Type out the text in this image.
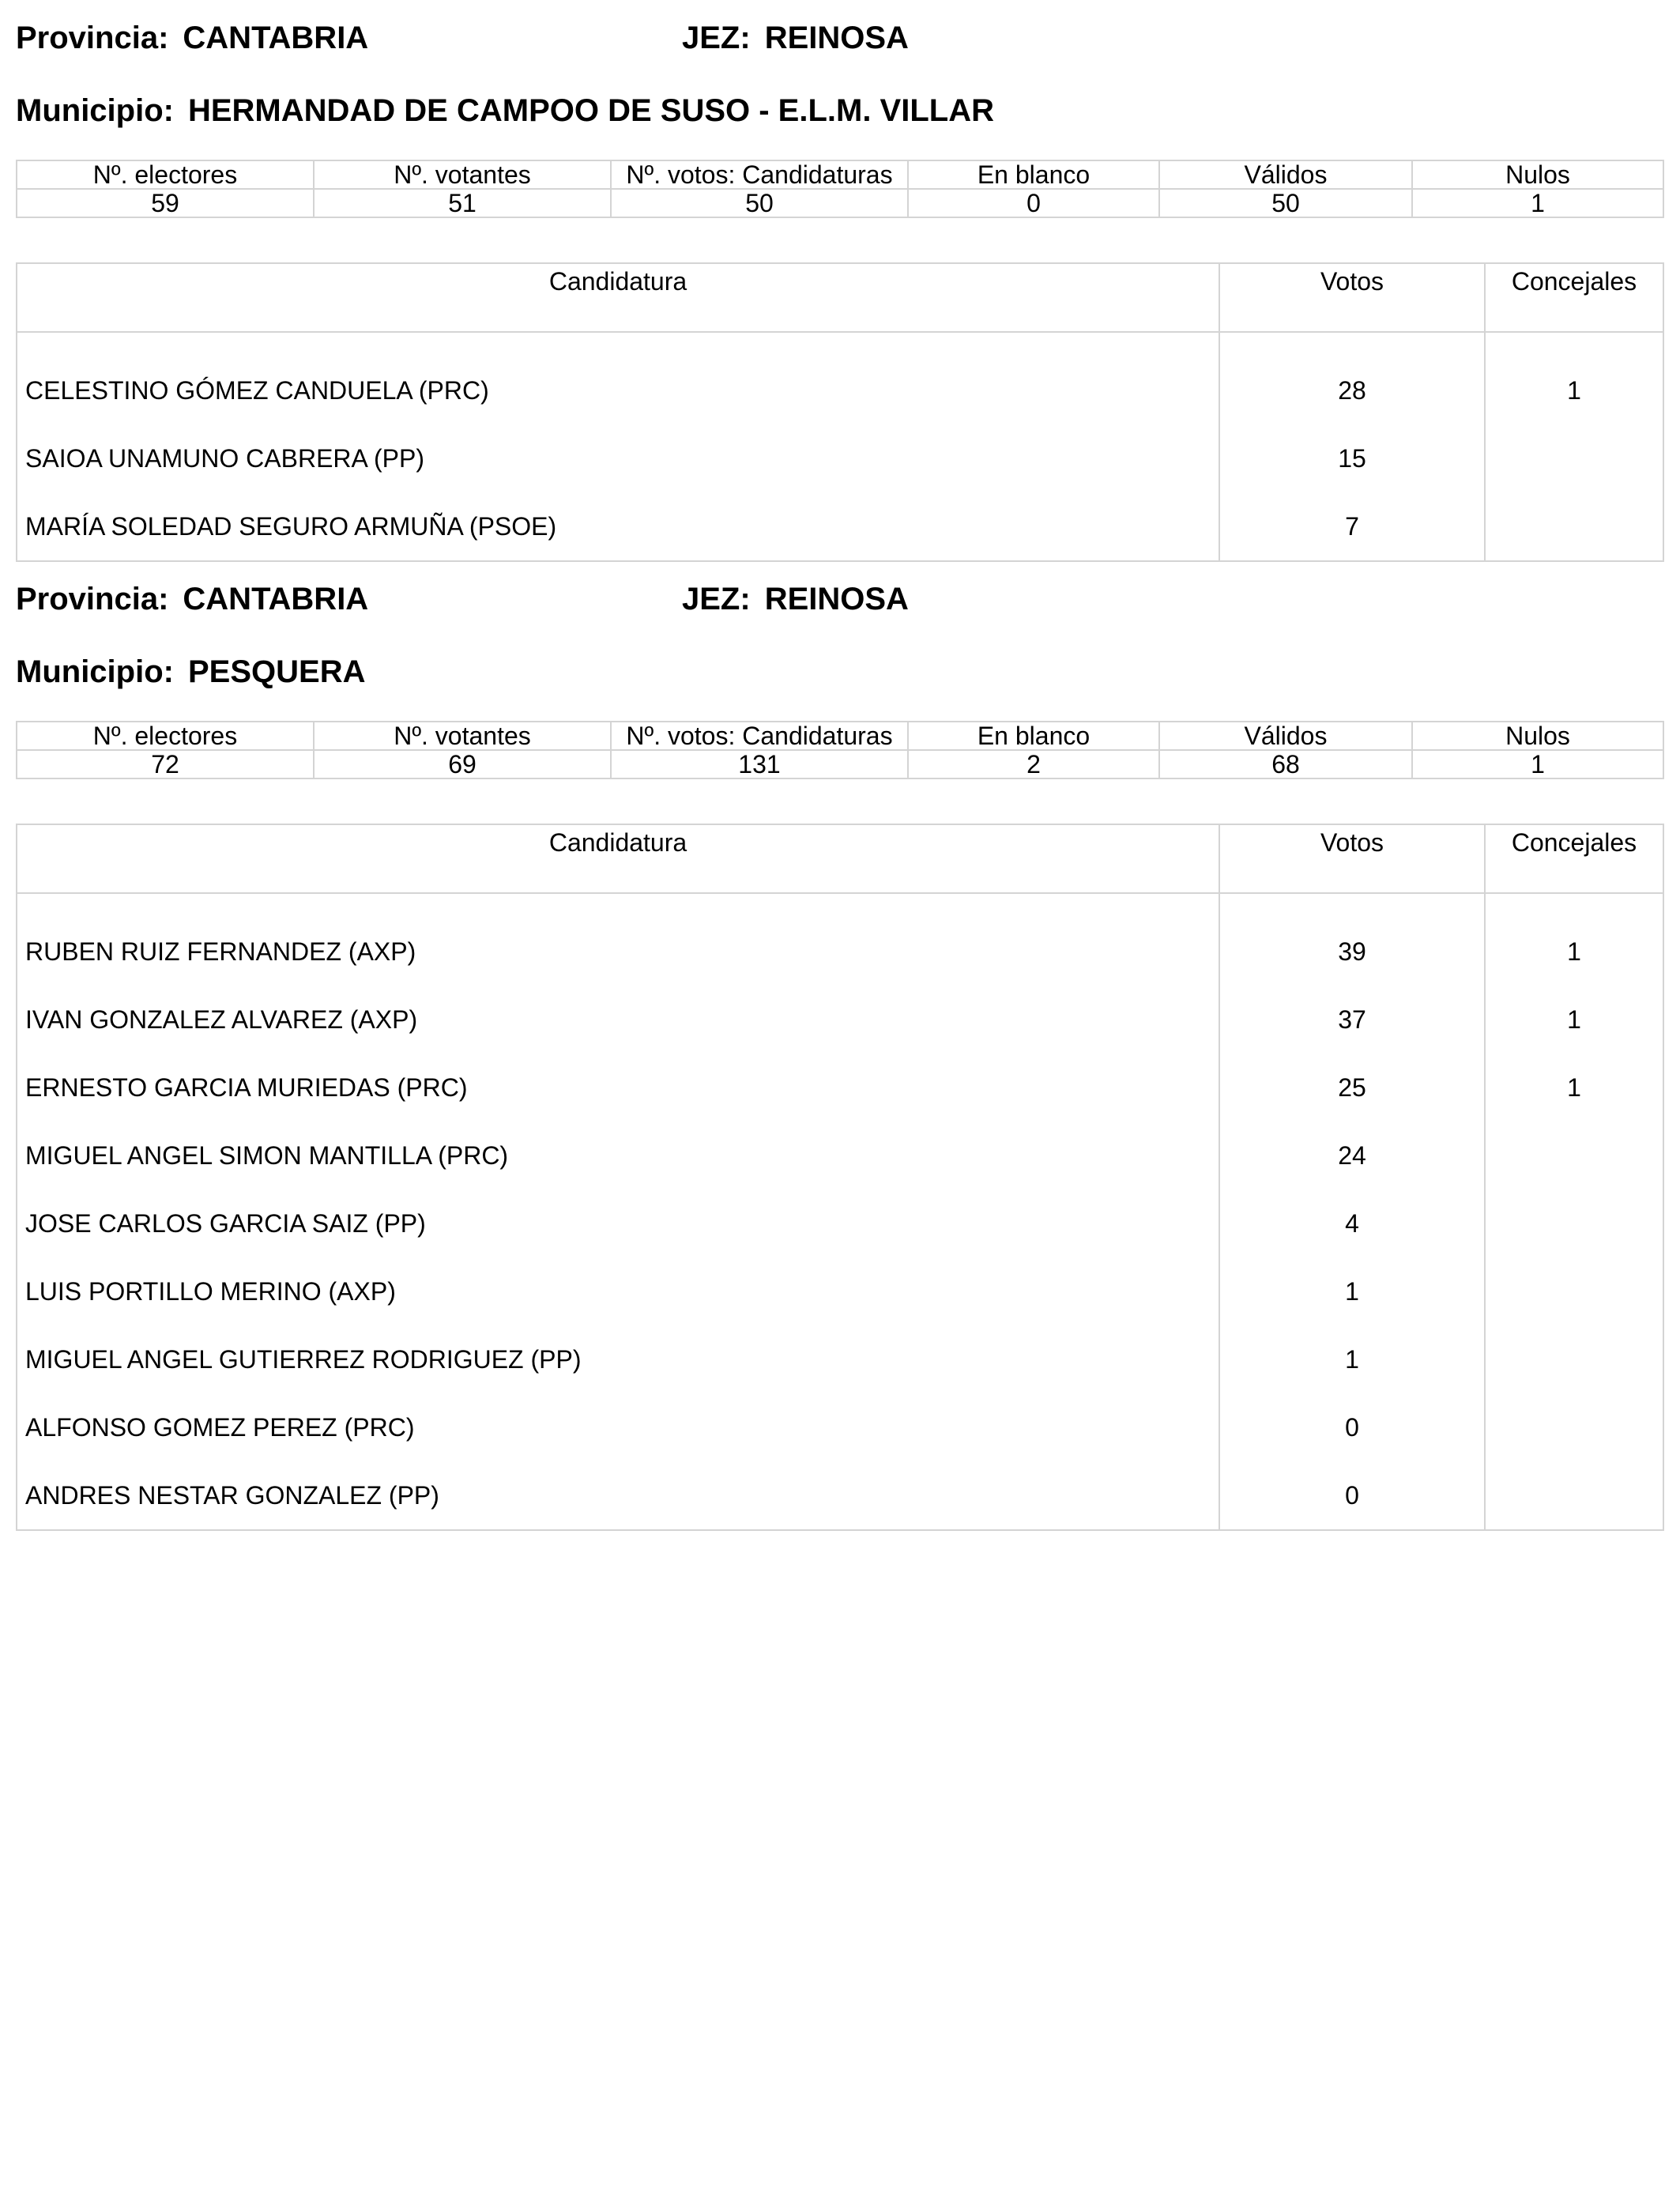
Provincia: CANTABRIA	JEZ: REINOSA
Municipio: HERMANDAD DE CAMPOO DE SUSO - E.L.M. VILLAR
Nº. electores	Nº. votantes	Nº. votos: Candidaturas	En blanco	Válidos	Nulos
59	51	50	0	50	1
Candidatura	Votos	Concejales

CELESTINO GÓMEZ CANDUELA (PRC)	28	1
SAIOA UNAMUNO CABRERA (PP)	15	
MARÍA SOLEDAD SEGURO ARMUÑA (PSOE)	7	
Provincia: CANTABRIA	JEZ: REINOSA
Municipio: PESQUERA
Nº. electores	Nº. votantes	Nº. votos: Candidaturas	En blanco	Válidos	Nulos
72	69	131	2	68	1
Candidatura	Votos	Concejales

RUBEN RUIZ FERNANDEZ (AXP)	39	1
IVAN GONZALEZ ALVAREZ (AXP)	37	1
ERNESTO GARCIA MURIEDAS (PRC)	25	1
MIGUEL ANGEL SIMON MANTILLA (PRC)	24	
JOSE CARLOS GARCIA SAIZ (PP)	4	
LUIS PORTILLO MERINO (AXP)	1	
MIGUEL ANGEL GUTIERREZ RODRIGUEZ (PP)	1	
ALFONSO GOMEZ PEREZ (PRC)	0	
ANDRES NESTAR GONZALEZ (PP)	0	
